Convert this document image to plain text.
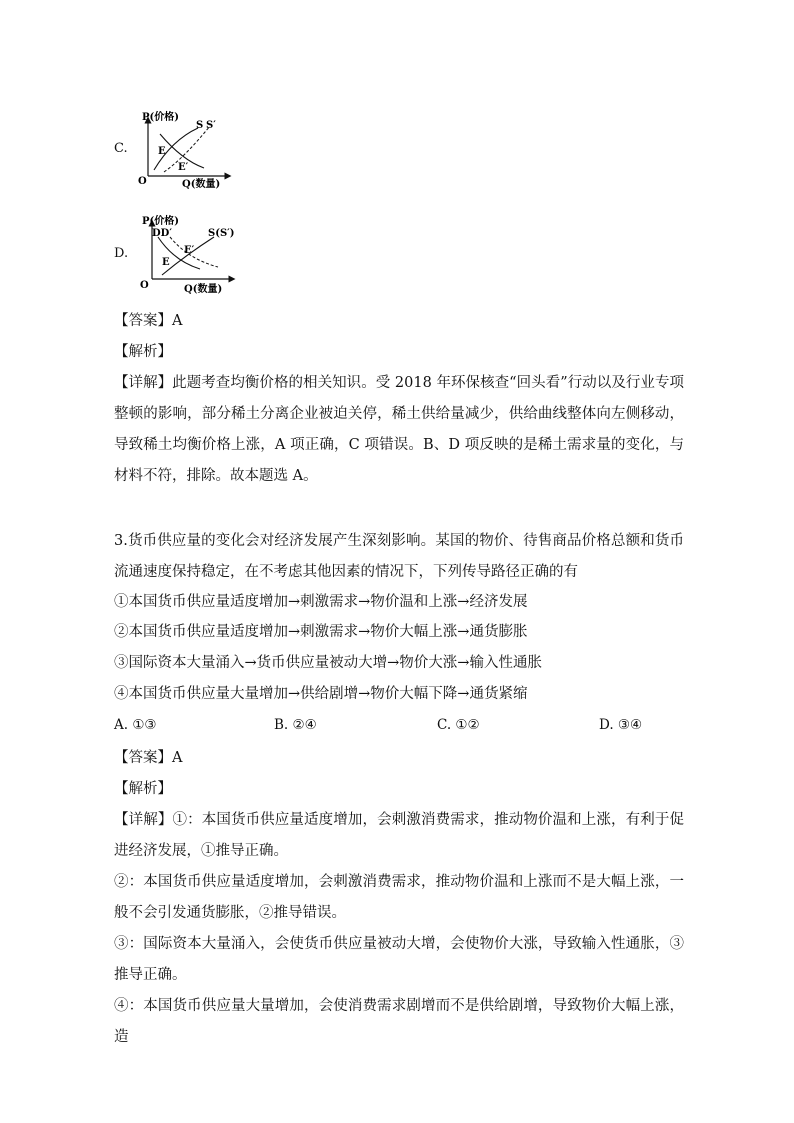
C.
P(价格)
Q(数量)
O
S S′
E
E′
D.
P(价格)
Q(数量)
O
DD′	S(S′)
E
E′
【答案】A
【解析】
【详解】此题考查均衡价格的相关知识。受 2018 年环保核查“回头看”行动以及行业专项整顿的影响，部分稀土分离企业被迫关停，稀土供给量减少，供给曲线整体向左侧移动，导致稀土均衡价格上涨，A 项正确，C 项错误。B、D 项反映的是稀土需求量的变化，与材料不符，排除。故本题选 A。
3.货币供应量的变化会对经济发展产生深刻影响。某国的物价、待售商品价格总额和货币流通速度保持稳定，在不考虑其他因素的情况下，下列传导路径正确的有
①本国货币供应量适度增加→刺激需求→物价温和上涨→经济发展
②本国货币供应量适度增加→刺激需求→物价大幅上涨→通货膨胀
③国际资本大量涌入→货币供应量被动大增→物价大涨→输入性通胀
④本国货币供应量大量增加→供给剧增→物价大幅下降→通货紧缩
A. ①③	B. ②④	C. ①②	D. ③④
【答案】A
【解析】
【详解】①：本国货币供应量适度增加，会刺激消费需求，推动物价温和上涨，有利于促进经济发展，①推导正确。
②：本国货币供应量适度增加，会刺激消费需求，推动物价温和上涨而不是大幅上涨，一般不会引发通货膨胀，②推导错误。
③：国际资本大量涌入，会使货币供应量被动大增，会使物价大涨，导致输入性通胀，③推导正确。
④：本国货币供应量大量增加，会使消费需求剧增而不是供给剧增，导致物价大幅上涨，造
